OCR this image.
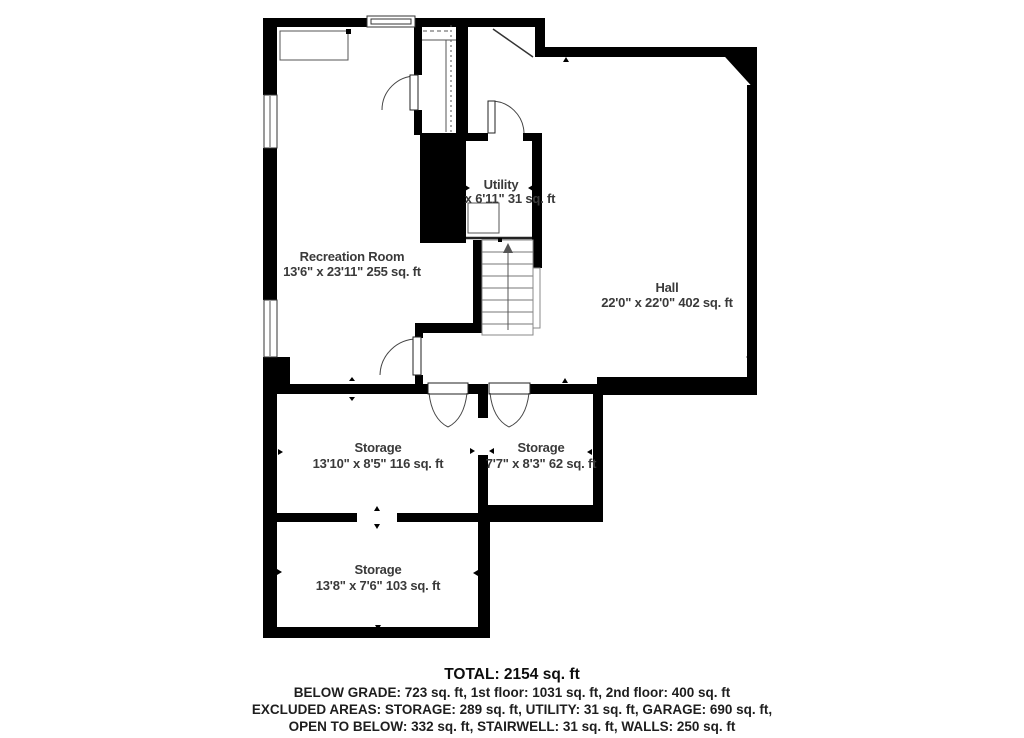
Recreation Room
13'6" x 23'11" 255 sq. ft
Utility
x 6'11" 31 sq. ft
Hall
22'0" x 22'0" 402 sq. ft
Storage
13'10" x 8'5" 116 sq. ft
Storage
7'7" x 8'3" 62 sq. ft
Storage
13'8" x 7'6" 103 sq. ft
TOTAL: 2154 sq. ft
BELOW GRADE: 723 sq. ft, 1st floor: 1031 sq. ft, 2nd floor: 400 sq. ft
EXCLUDED AREAS: STORAGE: 289 sq. ft, UTILITY: 31 sq. ft, GARAGE: 690 sq. ft,
OPEN TO BELOW: 332 sq. ft, STAIRWELL: 31 sq. ft, WALLS: 250 sq. ft
